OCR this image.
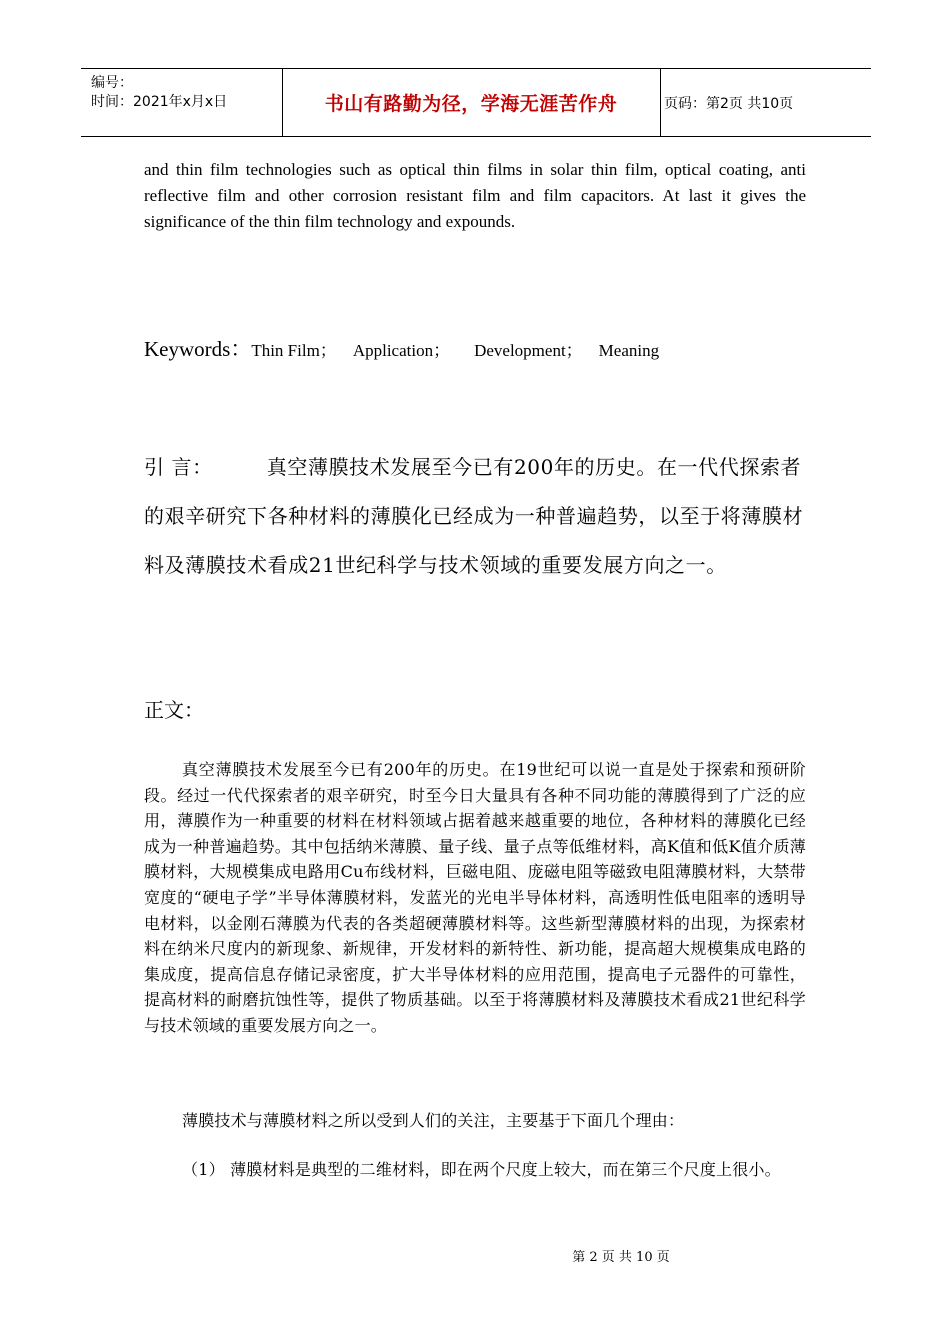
编号：
时间：2021年x月x日	书山有路勤为径，学海无涯苦作舟	页码：第2页 共10页
and thin film technologies such as optical thin films in solar thin film, optical coating, anti reflective film and other corrosion resistant film and film capacitors. At last it gives the significance of the thin film technology and expounds.
Keywords：Thin Film； Application； Development； Meaning
引 言：	真空薄膜技术发展至今已有200年的历史。在一代代探索者的艰辛研究下各种材料的薄膜化已经成为一种普遍趋势，以至于将薄膜材料及薄膜技术看成21世纪科学与技术领域的重要发展方向之一。
正文：
真空薄膜技术发展至今已有200年的历史。在19世纪可以说一直是处于探索和预研阶段。经过一代代探索者的艰辛研究，时至今日大量具有各种不同功能的薄膜得到了广泛的应用，薄膜作为一种重要的材料在材料领域占据着越来越重要的地位，各种材料的薄膜化已经成为一种普遍趋势。其中包括纳米薄膜、量子线、量子点等低维材料，高K值和低K值介质薄膜材料，大规模集成电路用Cu布线材料，巨磁电阻、庞磁电阻等磁致电阻薄膜材料，大禁带宽度的“硬电子学”半导体薄膜材料，发蓝光的光电半导体材料，高透明性低电阻率的透明导电材料，以金刚石薄膜为代表的各类超硬薄膜材料等。这些新型薄膜材料的出现，为探索材料在纳米尺度内的新现象、新规律，开发材料的新特性、新功能，提高超大规模集成电路的集成度，提高信息存储记录密度，扩大半导体材料的应用范围，提高电子元器件的可靠性，提高材料的耐磨抗蚀性等，提供了物质基础。以至于将薄膜材料及薄膜技术看成21世纪科学与技术领域的重要发展方向之一。
薄膜技术与薄膜材料之所以受到人们的关注，主要基于下面几个理由：
（1） 薄膜材料是典型的二维材料，即在两个尺度上较大，而在第三个尺度上很小。
第 2 页 共 10 页
